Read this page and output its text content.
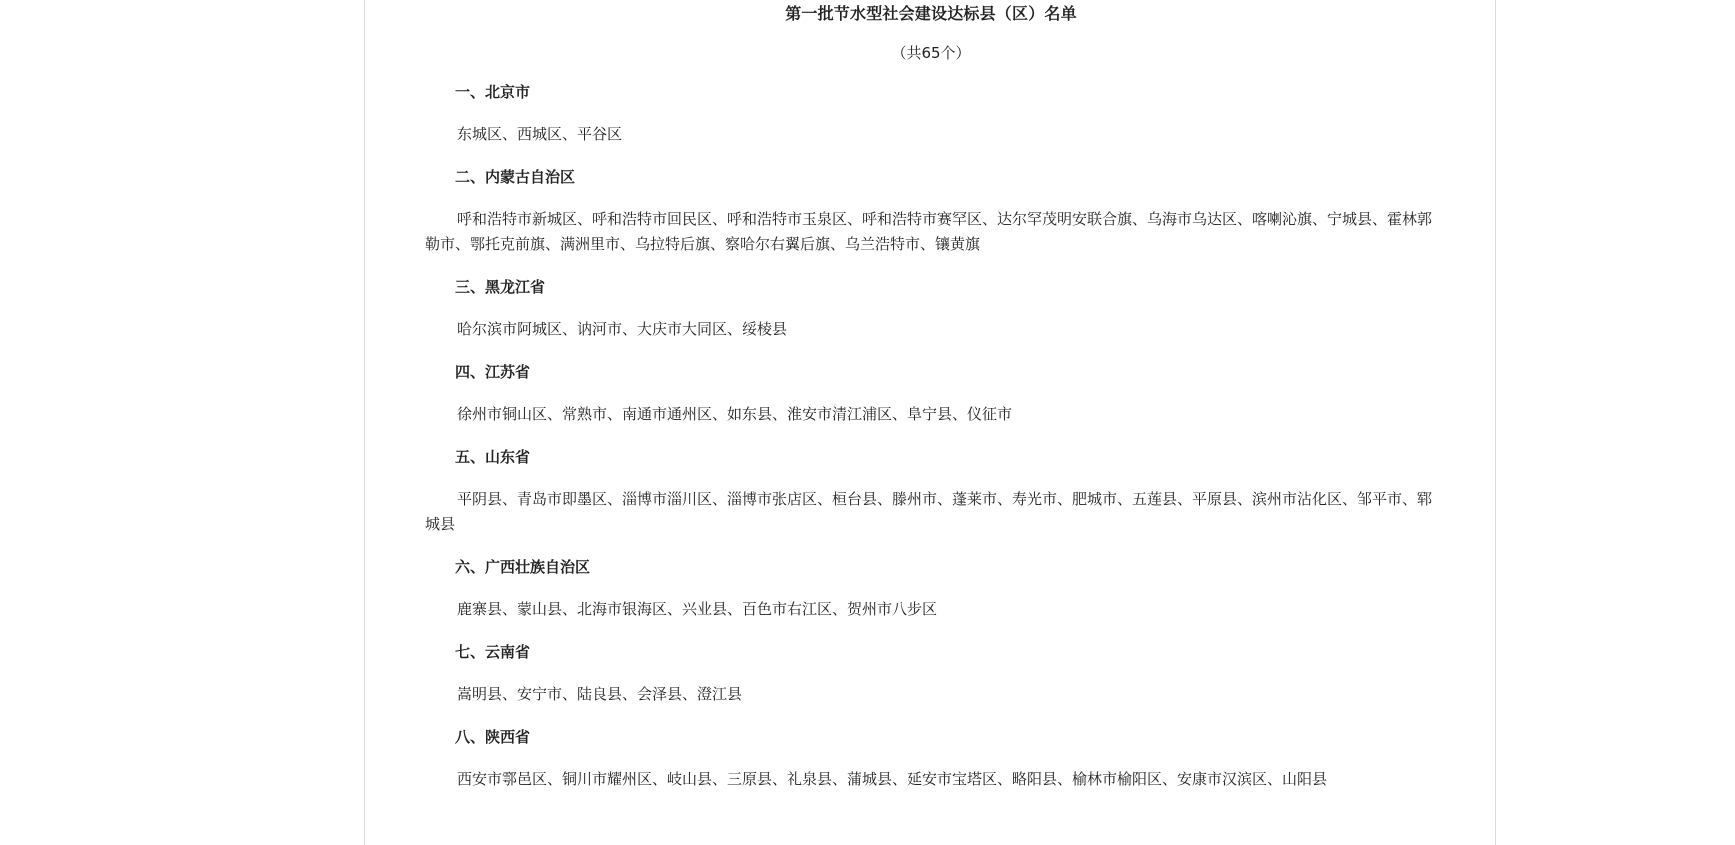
第一批节水型社会建设达标县（区）名单

（共65个）

一、北京市

东城区、西城区、平谷区

二、内蒙古自治区

呼和浩特市新城区、呼和浩特市回民区、呼和浩特市玉泉区、呼和浩特市赛罕区、达尔罕茂明安联合旗、乌海市乌达区、喀喇沁旗、宁城县、霍林郭勒市、鄂托克前旗、满洲里市、乌拉特后旗、察哈尔右翼后旗、乌兰浩特市、镶黄旗

三、黑龙江省

哈尔滨市阿城区、讷河市、大庆市大同区、绥棱县

四、江苏省

徐州市铜山区、常熟市、南通市通州区、如东县、淮安市清江浦区、阜宁县、仪征市

五、山东省

平阴县、青岛市即墨区、淄博市淄川区、淄博市张店区、桓台县、滕州市、蓬莱市、寿光市、肥城市、五莲县、平原县、滨州市沾化区、邹平市、郓城县

六、广西壮族自治区

鹿寨县、蒙山县、北海市银海区、兴业县、百色市右江区、贺州市八步区

七、云南省

嵩明县、安宁市、陆良县、会泽县、澄江县

八、陕西省

西安市鄠邑区、铜川市耀州区、岐山县、三原县、礼泉县、蒲城县、延安市宝塔区、略阳县、榆林市榆阳区、安康市汉滨区、山阳县
